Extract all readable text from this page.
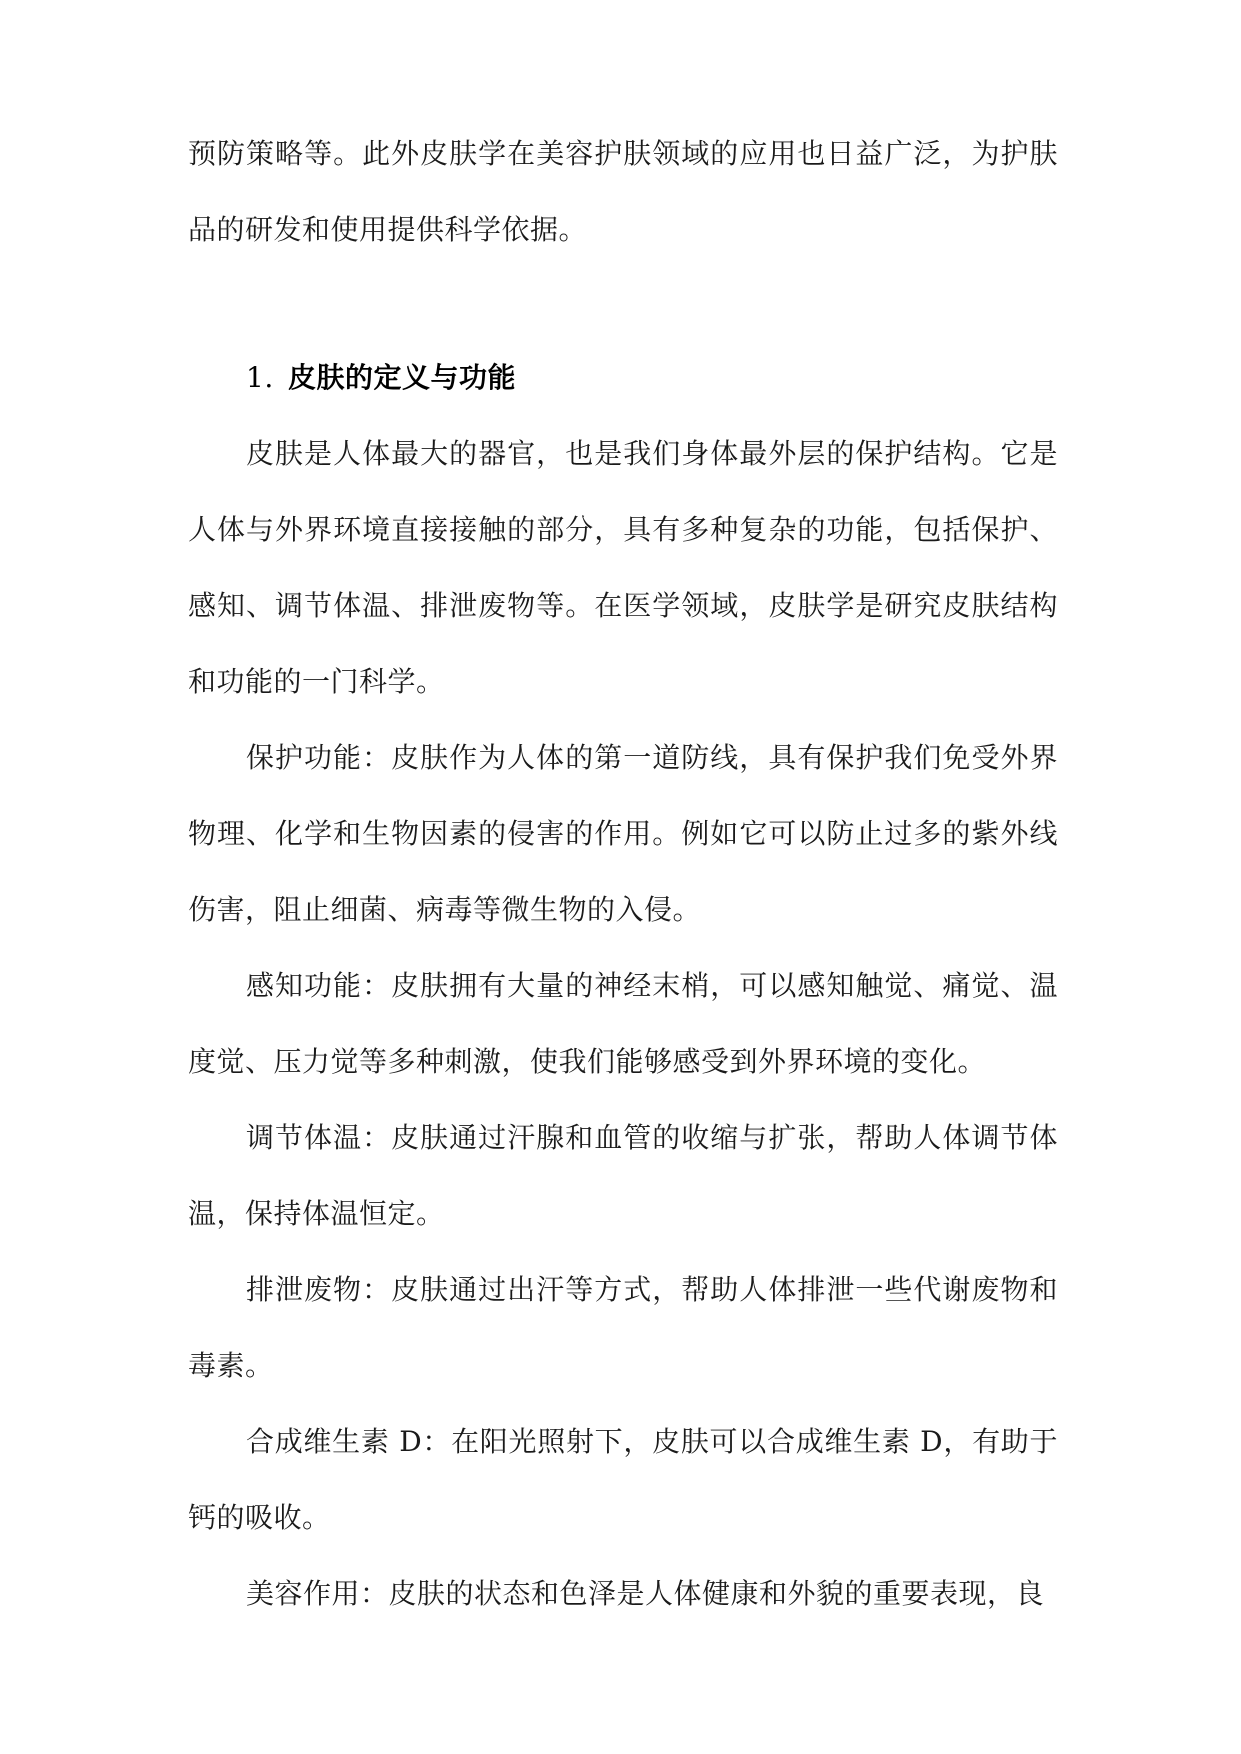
预防策略等。此外皮肤学在美容护肤领域的应用也日益广泛，为护肤品的研发和使用提供科学依据。

1. 皮肤的定义与功能

皮肤是人体最大的器官，也是我们身体最外层的保护结构。它是人体与外界环境直接接触的部分，具有多种复杂的功能，包括保护、感知、调节体温、排泄废物等。在医学领域，皮肤学是研究皮肤结构和功能的一门科学。

保护功能：皮肤作为人体的第一道防线，具有保护我们免受外界物理、化学和生物因素的侵害的作用。例如它可以防止过多的紫外线伤害，阻止细菌、病毒等微生物的入侵。

感知功能：皮肤拥有大量的神经末梢，可以感知触觉、痛觉、温度觉、压力觉等多种刺激，使我们能够感受到外界环境的变化。

调节体温：皮肤通过汗腺和血管的收缩与扩张，帮助人体调节体温，保持体温恒定。

排泄废物：皮肤通过出汗等方式，帮助人体排泄一些代谢废物和毒素。

合成维生素 D：在阳光照射下，皮肤可以合成维生素 D，有助于钙的吸收。

美容作用：皮肤的状态和色泽是人体健康和外貌的重要表现，良
